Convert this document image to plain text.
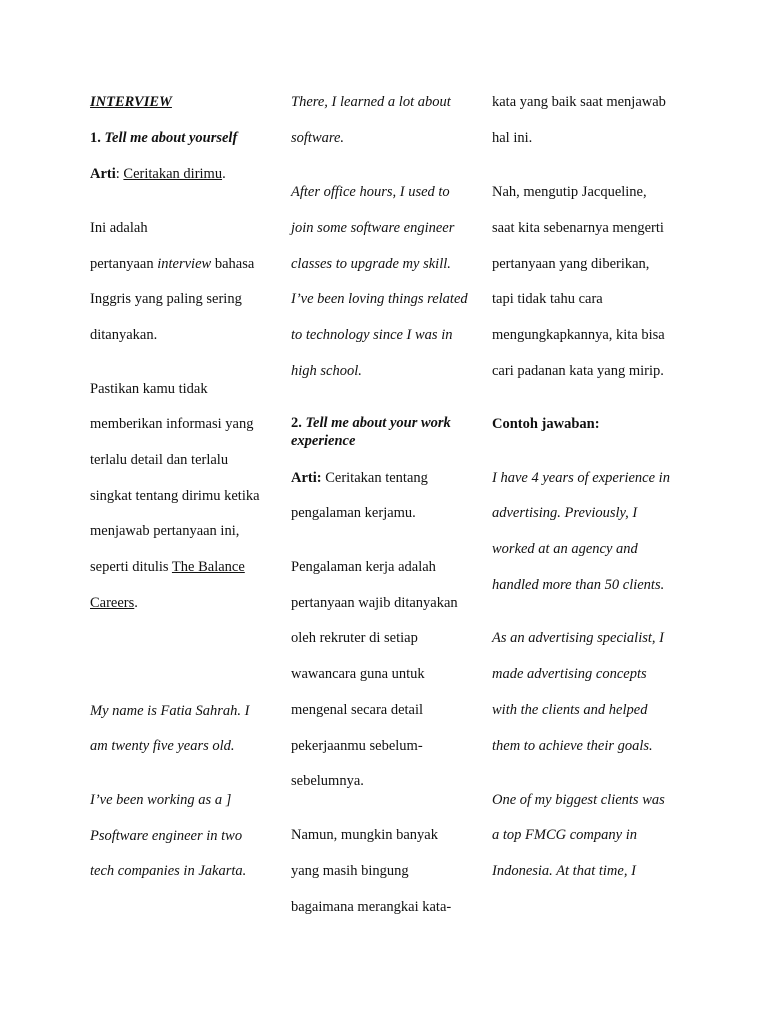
INTERVIEW
1. Tell me about yourself
Arti: Ceritakan dirimu.
Ini adalah
pertanyaan interview bahasa
Inggris yang paling sering
ditanyakan.
Pastikan kamu tidak
memberikan informasi yang
terlalu detail dan terlalu
singkat tentang dirimu ketika
menjawab pertanyaan ini,
seperti ditulis The Balance
Careers.
My name is Fatia Sahrah. I
am twenty five years old.
I’ve been working as a ]
Psoftware engineer in two
tech companies in Jakarta.
There, I learned a lot about
software.
After office hours, I used to
join some software engineer
classes to upgrade my skill.
I’ve been loving things related
to technology since I was in
high school.
2. Tell me about your work
experience
Arti: Ceritakan tentang
pengalaman kerjamu.
Pengalaman kerja adalah
pertanyaan wajib ditanyakan
oleh rekruter di setiap
wawancara guna untuk
mengenal secara detail
pekerjaanmu sebelum-
sebelumnya.
Namun, mungkin banyak
yang masih bingung
bagaimana merangkai kata-
kata yang baik saat menjawab
hal ini.
Nah, mengutip Jacqueline,
saat kita sebenarnya mengerti
pertanyaan yang diberikan,
tapi tidak tahu cara
mengungkapkannya, kita bisa
cari padanan kata yang mirip.
Contoh jawaban:
I have 4 years of experience in
advertising. Previously, I
worked at an agency and
handled more than 50 clients.
As an advertising specialist, I
made advertising concepts
with the clients and helped
them to achieve their goals.
One of my biggest clients was
a top FMCG company in
Indonesia. At that time, I
